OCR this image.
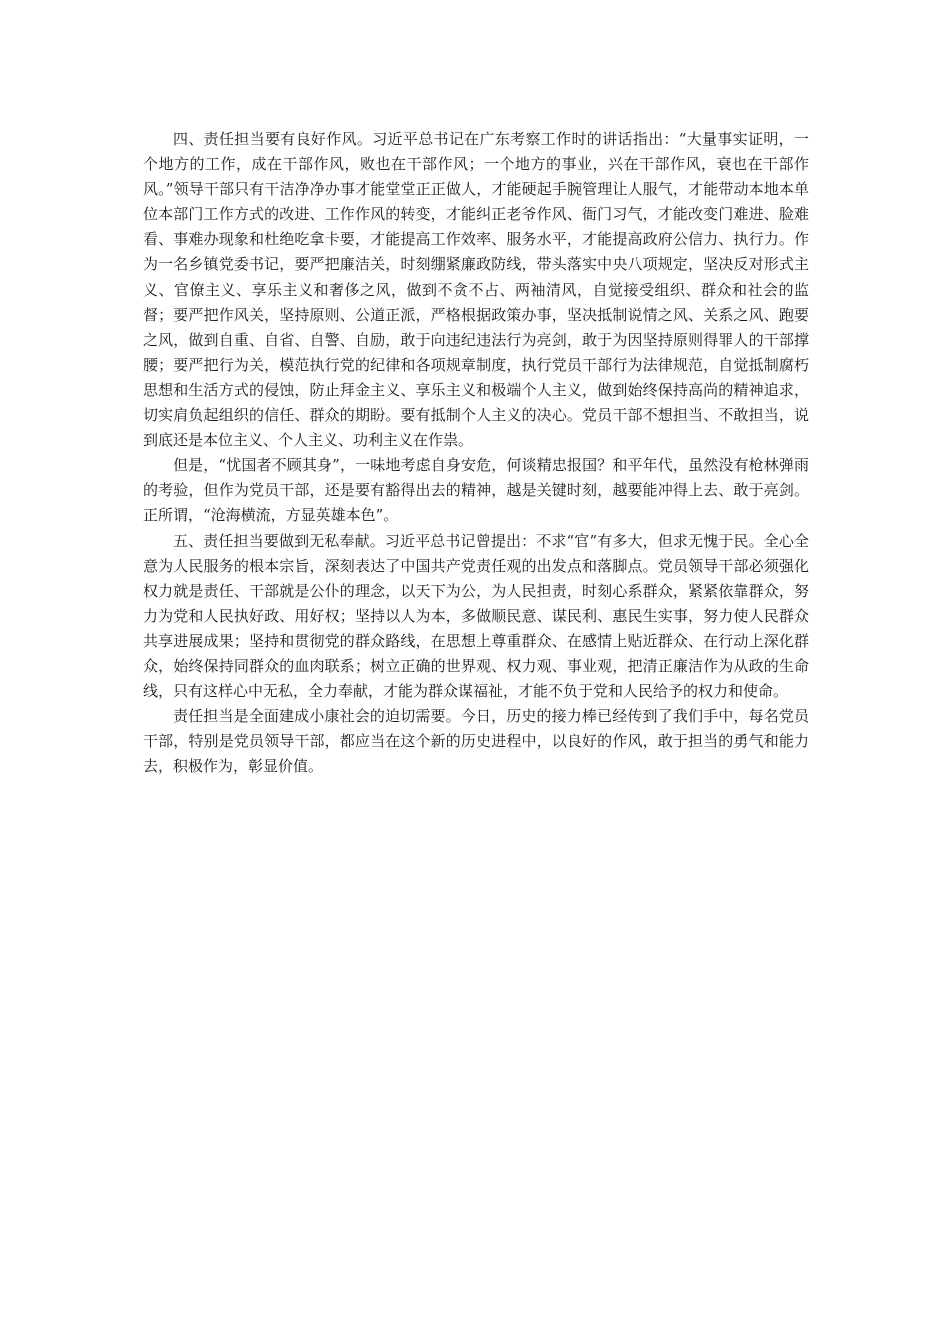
四、责任担当要有良好作风。习近平总书记在广东考察工作时的讲话指出：“大量事实证明，一个地方的工作，成在干部作风，败也在干部作风；一个地方的事业，兴在干部作风，衰也在干部作风。”领导干部只有干洁净净办事才能堂堂正正做人，才能硬起手腕管理让人服气，才能带动本地本单位本部门工作方式的改进、工作作风的转变，才能纠正老爷作风、衙门习气，才能改变门难进、脸难看、事难办现象和杜绝吃拿卡要，才能提高工作效率、服务水平，才能提高政府公信力、执行力。作为一名乡镇党委书记，要严把廉洁关，时刻绷紧廉政防线，带头落实中央八项规定，坚决反对形式主义、官僚主义、享乐主义和奢侈之风，做到不贪不占、两袖清风，自觉接受组织、群众和社会的监督；要严把作风关，坚持原则、公道正派，严格根据政策办事，坚决抵制说情之风、关系之风、跑要之风，做到自重、自省、自警、自励，敢于向违纪违法行为亮剑，敢于为因坚持原则得罪人的干部撑腰；要严把行为关，模范执行党的纪律和各项规章制度，执行党员干部行为法律规范，自觉抵制腐朽思想和生活方式的侵蚀，防止拜金主义、享乐主义和极端个人主义，做到始终保持高尚的精神追求，切实肩负起组织的信任、群众的期盼。要有抵制个人主义的决心。党员干部不想担当、不敢担当，说到底还是本位主义、个人主义、功利主义在作祟。

但是，“忧国者不顾其身”，一味地考虑自身安危，何谈精忠报国？和平年代，虽然没有枪林弹雨的考验，但作为党员干部，还是要有豁得出去的精神，越是关键时刻，越要能冲得上去、敢于亮剑。正所谓，“沧海横流，方显英雄本色”。

五、责任担当要做到无私奉献。习近平总书记曾提出：不求“官”有多大，但求无愧于民。全心全意为人民服务的根本宗旨，深刻表达了中国共产党责任观的出发点和落脚点。党员领导干部必须强化权力就是责任、干部就是公仆的理念，以天下为公，为人民担责，时刻心系群众，紧紧依靠群众，努力为党和人民执好政、用好权；坚持以人为本，多做顺民意、谋民利、惠民生实事，努力使人民群众共享进展成果；坚持和贯彻党的群众路线，在思想上尊重群众、在感情上贴近群众、在行动上深化群众，始终保持同群众的血肉联系；树立正确的世界观、权力观、事业观，把清正廉洁作为从政的生命线，只有这样心中无私，全力奉献，才能为群众谋福祉，才能不负于党和人民给予的权力和使命。

责任担当是全面建成小康社会的迫切需要。今日，历史的接力棒已经传到了我们手中，每名党员干部，特别是党员领导干部，都应当在这个新的历史进程中，以良好的作风，敢于担当的勇气和能力去，积极作为，彰显价值。
